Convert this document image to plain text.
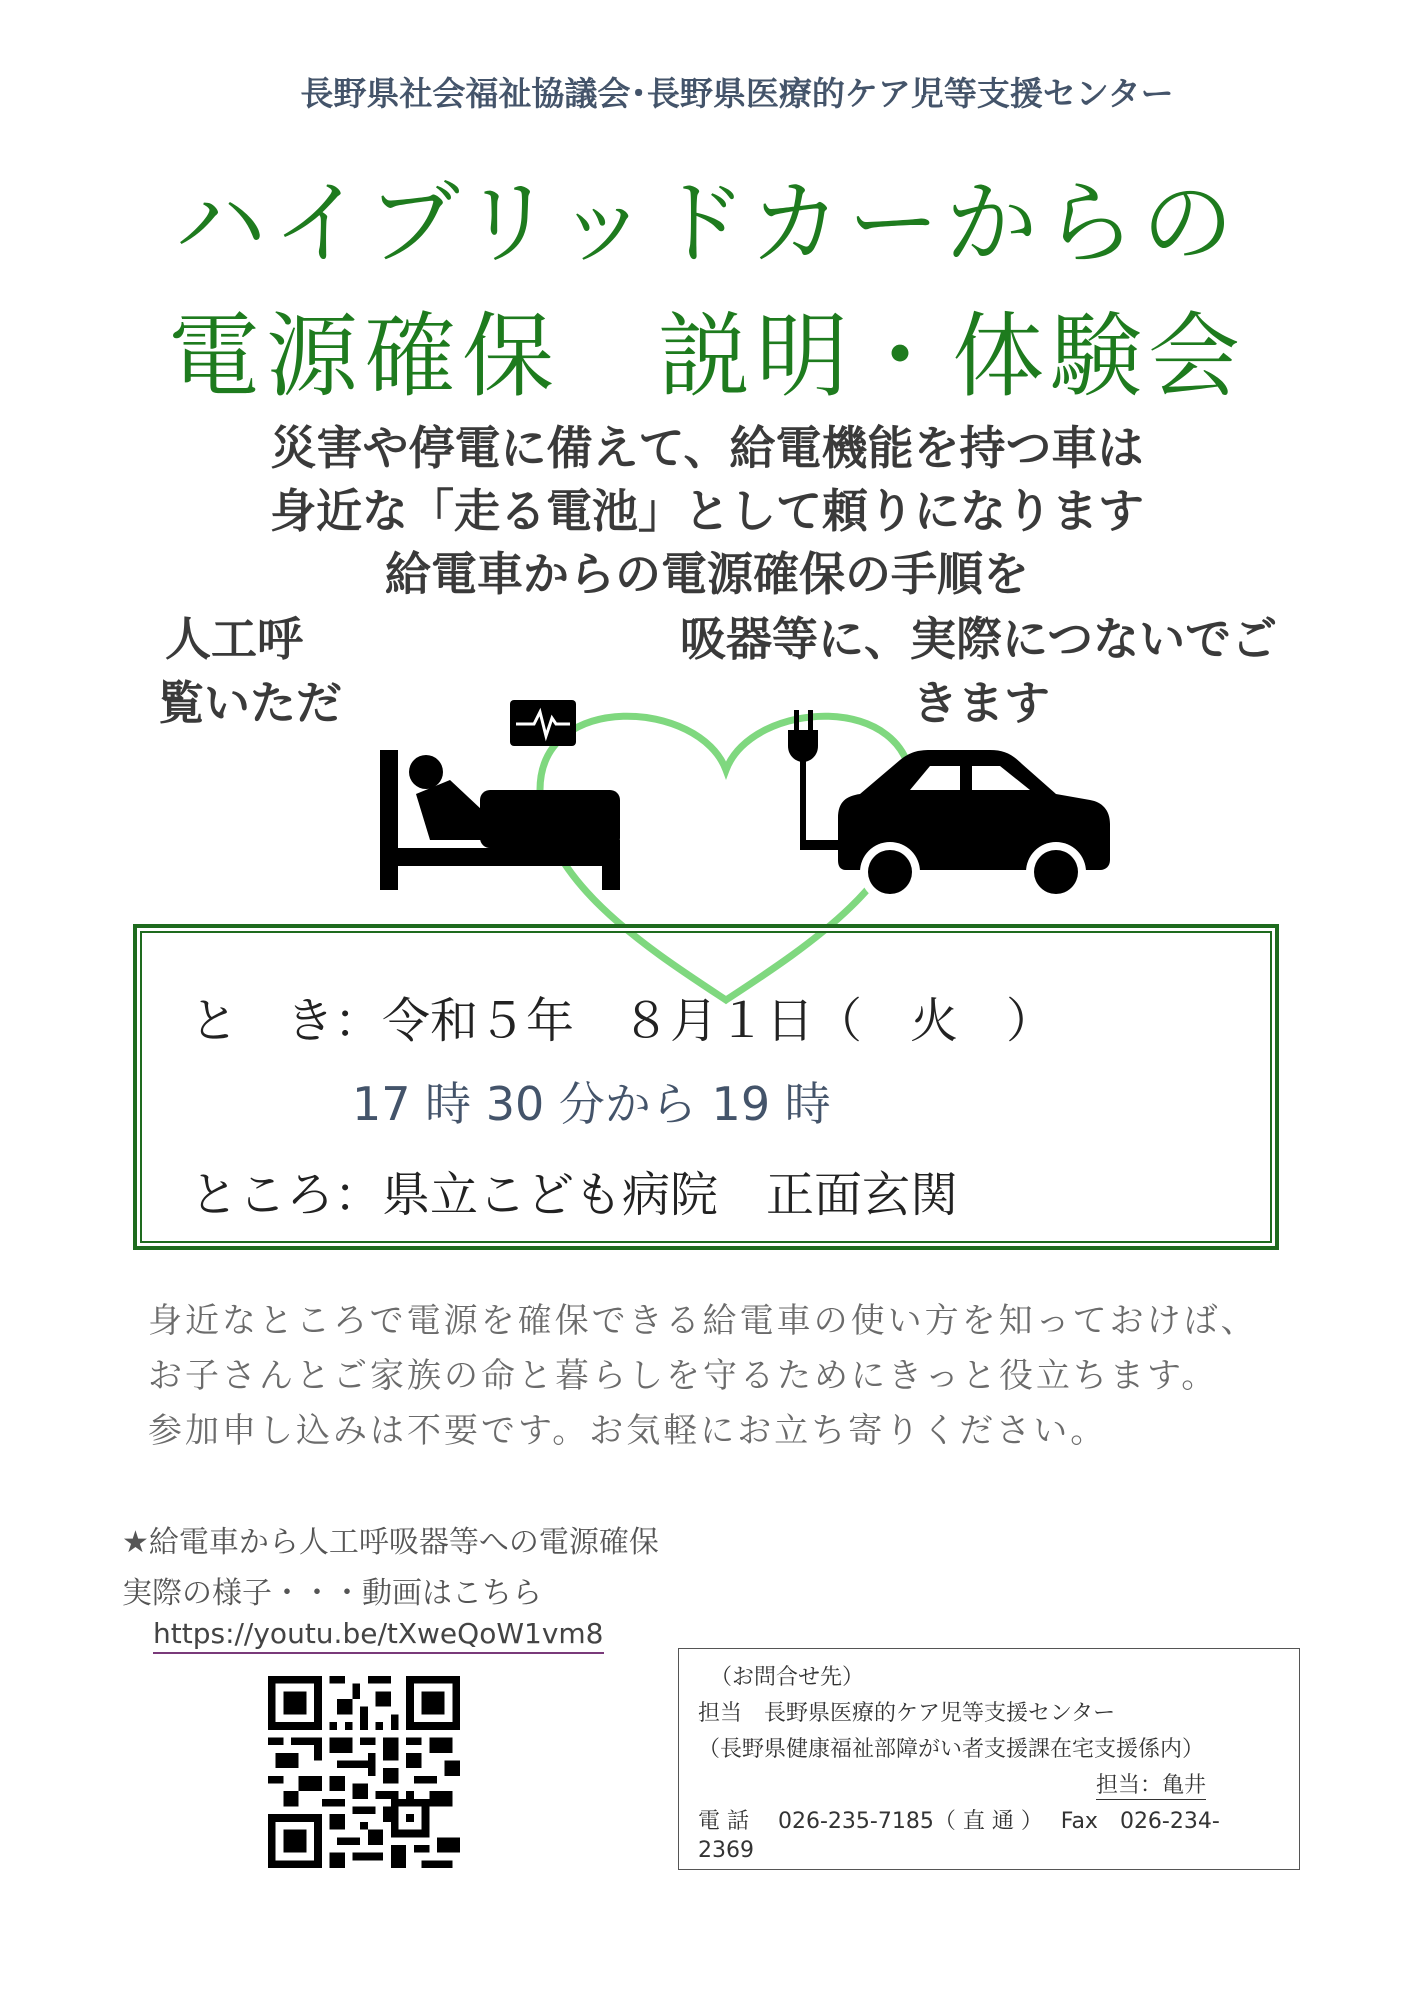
長野県社会福祉協議会･長野県医療的ケア児等支援センター
ハイブリッドカーからの
電源確保　説明・体験会
災害や停電に備えて、給電機能を持つ車は
身近な「走る電池」として頼りになります
給電車からの電源確保の手順を
人工呼	吸器等に、実際につないでご
覧いただ	きます
と　き：令和５年　８月１日（　火　）
17 時 30 分から 19 時
ところ：県立こども病院　正面玄関
身近なところで電源を確保できる給電車の使い方を知っておけば、
お子さんとご家族の命と暮らしを守るためにきっと役立ちます。
参加申し込みは不要です。お気軽にお立ち寄りください。
★給電車から人工呼吸器等への電源確保
実際の様子・・・動画はこちら
https://youtu.be/tXweQoW1vm8
（お問合せ先）
担当　長野県医療的ケア児等支援センター
（長野県健康福祉部障がい者支援課在宅支援係内）
担当：亀井
電 話　 026-235-7185（ 直 通 ）　 Fax　026-234-
2369
